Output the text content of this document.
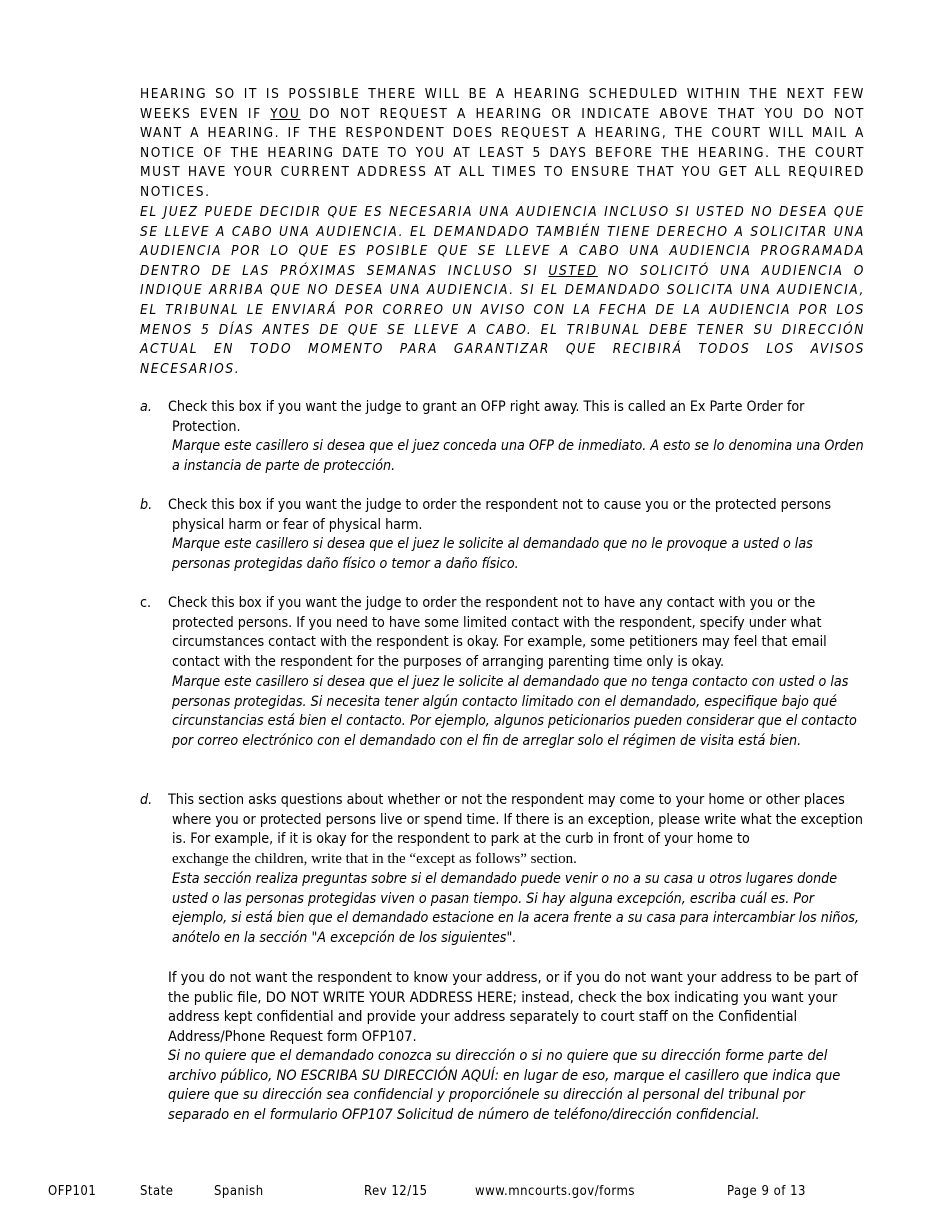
HEARING SO IT IS POSSIBLE THERE WILL BE A HEARING SCHEDULED WITHIN THE NEXT FEW WEEKS EVEN IF YOU DO NOT REQUEST A HEARING OR INDICATE ABOVE THAT YOU DO NOT WANT A HEARING. IF THE RESPONDENT DOES REQUEST A HEARING, THE COURT WILL MAIL A NOTICE OF THE HEARING DATE TO YOU AT LEAST 5 DAYS BEFORE THE HEARING. THE COURT MUST HAVE YOUR CURRENT ADDRESS AT ALL TIMES TO ENSURE THAT YOU GET ALL REQUIRED NOTICES.
EL JUEZ PUEDE DECIDIR QUE ES NECESARIA UNA AUDIENCIA INCLUSO SI USTED NO DESEA QUE SE LLEVE A CABO UNA AUDIENCIA. EL DEMANDADO TAMBIÉN TIENE DERECHO A SOLICITAR UNA AUDIENCIA POR LO QUE ES POSIBLE QUE SE LLEVE A CABO UNA AUDIENCIA PROGRAMADA DENTRO DE LAS PRÓXIMAS SEMANAS INCLUSO SI USTED NO SOLICITÓ UNA AUDIENCIA O INDIQUE ARRIBA QUE NO DESEA UNA AUDIENCIA. SI EL DEMANDADO SOLICITA UNA AUDIENCIA, EL TRIBUNAL LE ENVIARÁ POR CORREO UN AVISO CON LA FECHA DE LA AUDIENCIA POR LOS MENOS 5 DÍAS ANTES DE QUE SE LLEVE A CABO. EL TRIBUNAL DEBE TENER SU DIRECCIÓN ACTUAL EN TODO MOMENTO PARA GARANTIZAR QUE RECIBIRÁ TODOS LOS AVISOS NECESARIOS.
a. Check this box if you want the judge to grant an OFP right away. This is called an Ex Parte Order for
Protection.
Marque este casillero si desea que el juez conceda una OFP de inmediato. A esto se lo denomina una Orden a instancia de parte de protección.
b. Check this box if you want the judge to order the respondent not to cause you or the protected persons
physical harm or fear of physical harm.
Marque este casillero si desea que el juez le solicite al demandado que no le provoque a usted o las personas protegidas daño físico o temor a daño físico.
c. Check this box if you want the judge to order the respondent not to have any contact with you or the
protected persons. If you need to have some limited contact with the respondent, specify under what circumstances contact with the respondent is okay. For example, some petitioners may feel that email contact with the respondent for the purposes of arranging parenting time only is okay.
Marque este casillero si desea que el juez le solicite al demandado que no tenga contacto con usted o las personas protegidas. Si necesita tener algún contacto limitado con el demandado, especifique bajo qué circunstancias está bien el contacto. Por ejemplo, algunos peticionarios pueden considerar que el contacto por correo electrónico con el demandado con el fin de arreglar solo el régimen de visita está bien.
d. This section asks questions about whether or not the respondent may come to your home or other places
where you or protected persons live or spend time. If there is an exception, please write what the exception is. For example, if it is okay for the respondent to park at the curb in front of your home to
exchange the children, write that in the “except as follows” section.
Esta sección realiza preguntas sobre si el demandado puede venir o no a su casa u otros lugares donde usted o las personas protegidas viven o pasan tiempo. Si hay alguna excepción, escriba cuál es. Por ejemplo, si está bien que el demandado estacione en la acera frente a su casa para intercambiar los niños, anótelo en la sección "A excepción de los siguientes".
If you do not want the respondent to know your address, or if you do not want your address to be part of the public file, DO NOT WRITE YOUR ADDRESS HERE; instead, check the box indicating you want your address kept confidential and provide your address separately to court staff on the Confidential Address/Phone Request form OFP107.
Si no quiere que el demandado conozca su dirección o si no quiere que su dirección forme parte del archivo público, NO ESCRIBA SU DIRECCIÓN AQUÍ: en lugar de eso, marque el casillero que indica que quiere que su dirección sea confidencial y proporciónele su dirección al personal del tribunal por separado en el formulario OFP107 Solicitud de número de teléfono/dirección confidencial.
OFP101	State	Spanish	Rev 12/15	www.mncourts.gov/forms	Page 9 of 13
